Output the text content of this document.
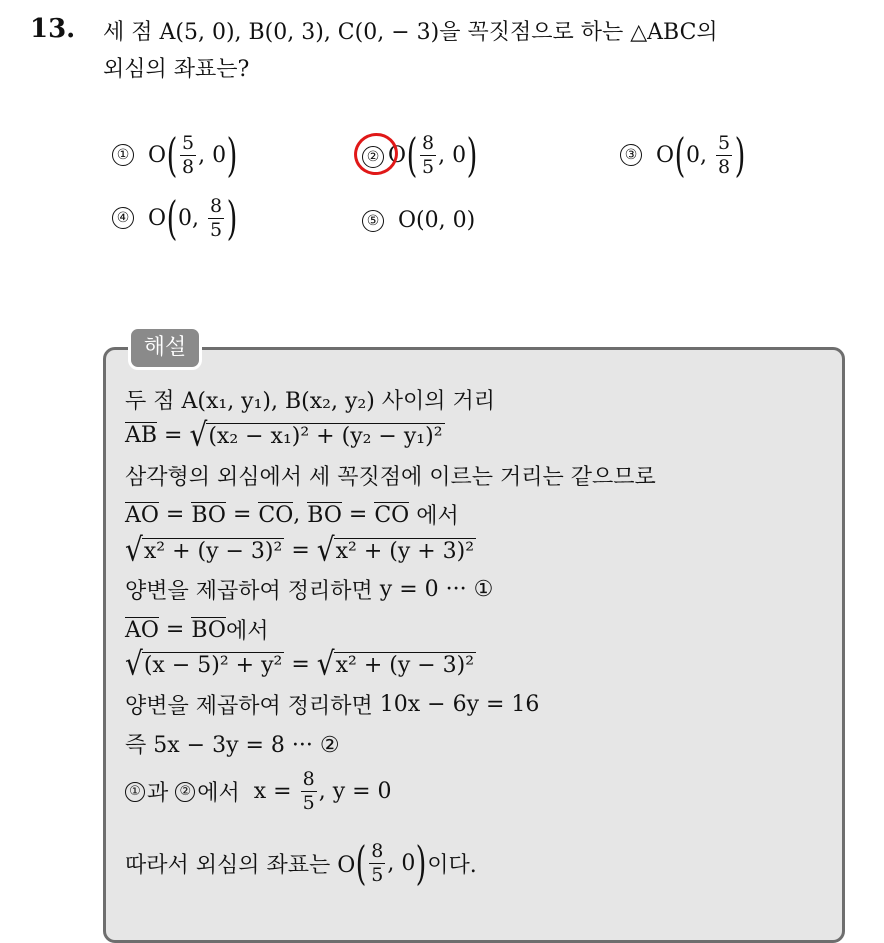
13. 세 점 A(5, 0), B(0, 3), C(0, − 3)을 꼭짓점으로 하는 △ABC의
외심의 좌표는?
① O ( $\frac{5}{8}$ , 0 )	② O ( $\frac{8}{5}$ , 0 )	③ O ( 0 , $\frac{5}{8}$ )
④ O ( 0 , $\frac{8}{5}$ )	⑤ O(0, 0)
해설
두 점 A(x₁, y₁), B(x₂, y₂) 사이의 거리
AB = √ (x₂ − x₁)² + (y₂ − y₁)²
삼각형의 외심에서 세 꼭짓점에 이르는 거리는 같으므로
AO = BO = CO , BO = CO
에서
√ x² + (y − 3)² = √ x² + (y + 3)²
양변을 제곱하여 정리하면
y = 0 ··· ①
AO = BO 에서
√ (x − 5)² + y² = √ x² + (y − 3)²
양변을 제곱하여 정리하면
10x − 6y = 16
즉 5x − 3y = 8 ··· ②
① 과
② 에서
x =
$\frac{8}{5}$ , y = 0
따라서 외심의 좌표는 O ( $\frac{8}{5}$ , 0 ) 이다.
